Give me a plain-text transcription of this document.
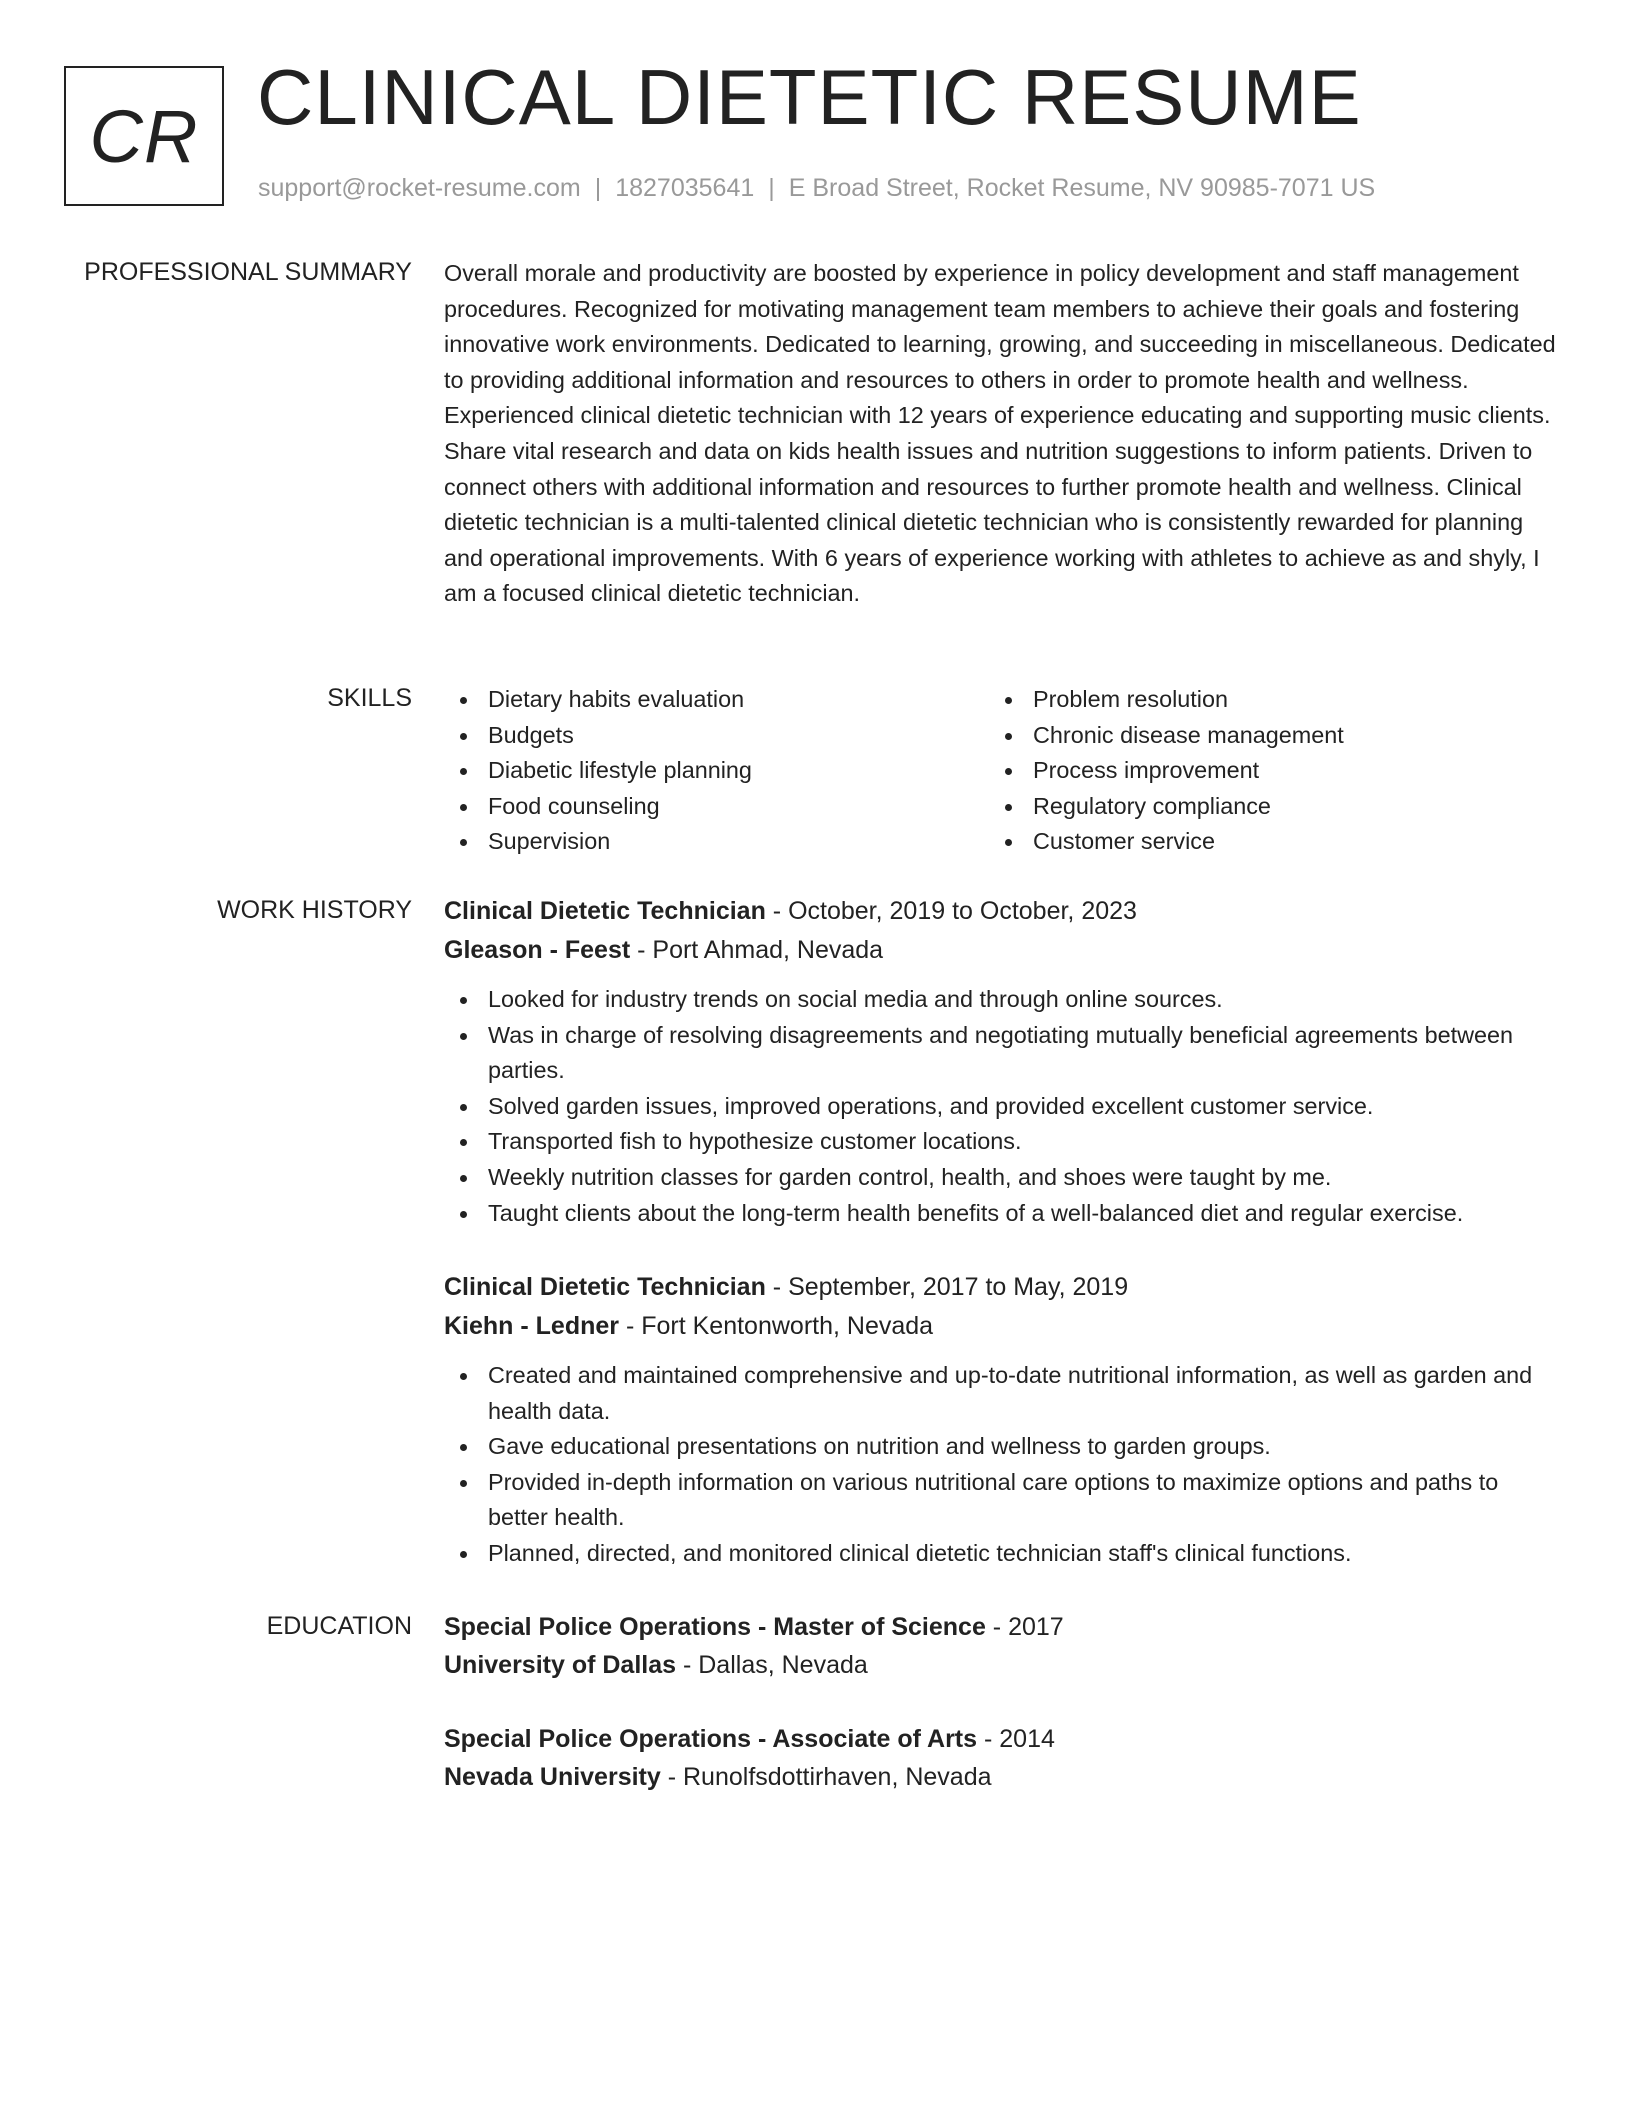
CR CLINICAL DIETETIC RESUME
support@rocket-resume.com | 1827035641 | E Broad Street, Rocket Resume, NV 90985-7071 US
PROFESSIONAL SUMMARY Overall morale and productivity are boosted by experience in policy development and staff management procedures. Recognized for motivating management team members to achieve their goals and fostering innovative work environments. Dedicated to learning, growing, and succeeding in miscellaneous. Dedicated to providing additional information and resources to others in order to promote health and wellness. Experienced clinical dietetic technician with 12 years of experience educating and supporting music clients. Share vital research and data on kids health issues and nutrition suggestions to inform patients. Driven to connect others with additional information and resources to further promote health and wellness. Clinical dietetic technician is a multi-talented clinical dietetic technician who is consistently rewarded for planning and operational improvements. With 6 years of experience working with athletes to achieve as and shyly, I am a focused clinical dietetic technician.
SKILLS	Dietary habits evaluation
Budgets
Diabetic lifestyle planning
Food counseling
Supervision
Problem resolution
Chronic disease management
Process improvement
Regulatory compliance
Customer service
WORK HISTORY Clinical Dietetic Technician - October, 2019 to October, 2023
Gleason - Feest - Port Ahmad, Nevada
Looked for industry trends on social media and through online sources.
Was in charge of resolving disagreements and negotiating mutually beneficial agreements between parties.
Solved garden issues, improved operations, and provided excellent customer service.
Transported fish to hypothesize customer locations.
Weekly nutrition classes for garden control, health, and shoes were taught by me.
Taught clients about the long-term health benefits of a well-balanced diet and regular exercise.
Clinical Dietetic Technician - September, 2017 to May, 2019
Kiehn - Ledner - Fort Kentonworth, Nevada
Created and maintained comprehensive and up-to-date nutritional information, as well as garden and health data.
Gave educational presentations on nutrition and wellness to garden groups.
Provided in-depth information on various nutritional care options to maximize options and paths to better health.
Planned, directed, and monitored clinical dietetic technician staff's clinical functions.
EDUCATION Special Police Operations - Master of Science - 2017
University of Dallas - Dallas, Nevada
Special Police Operations - Associate of Arts - 2014
Nevada University - Runolfsdottirhaven, Nevada
